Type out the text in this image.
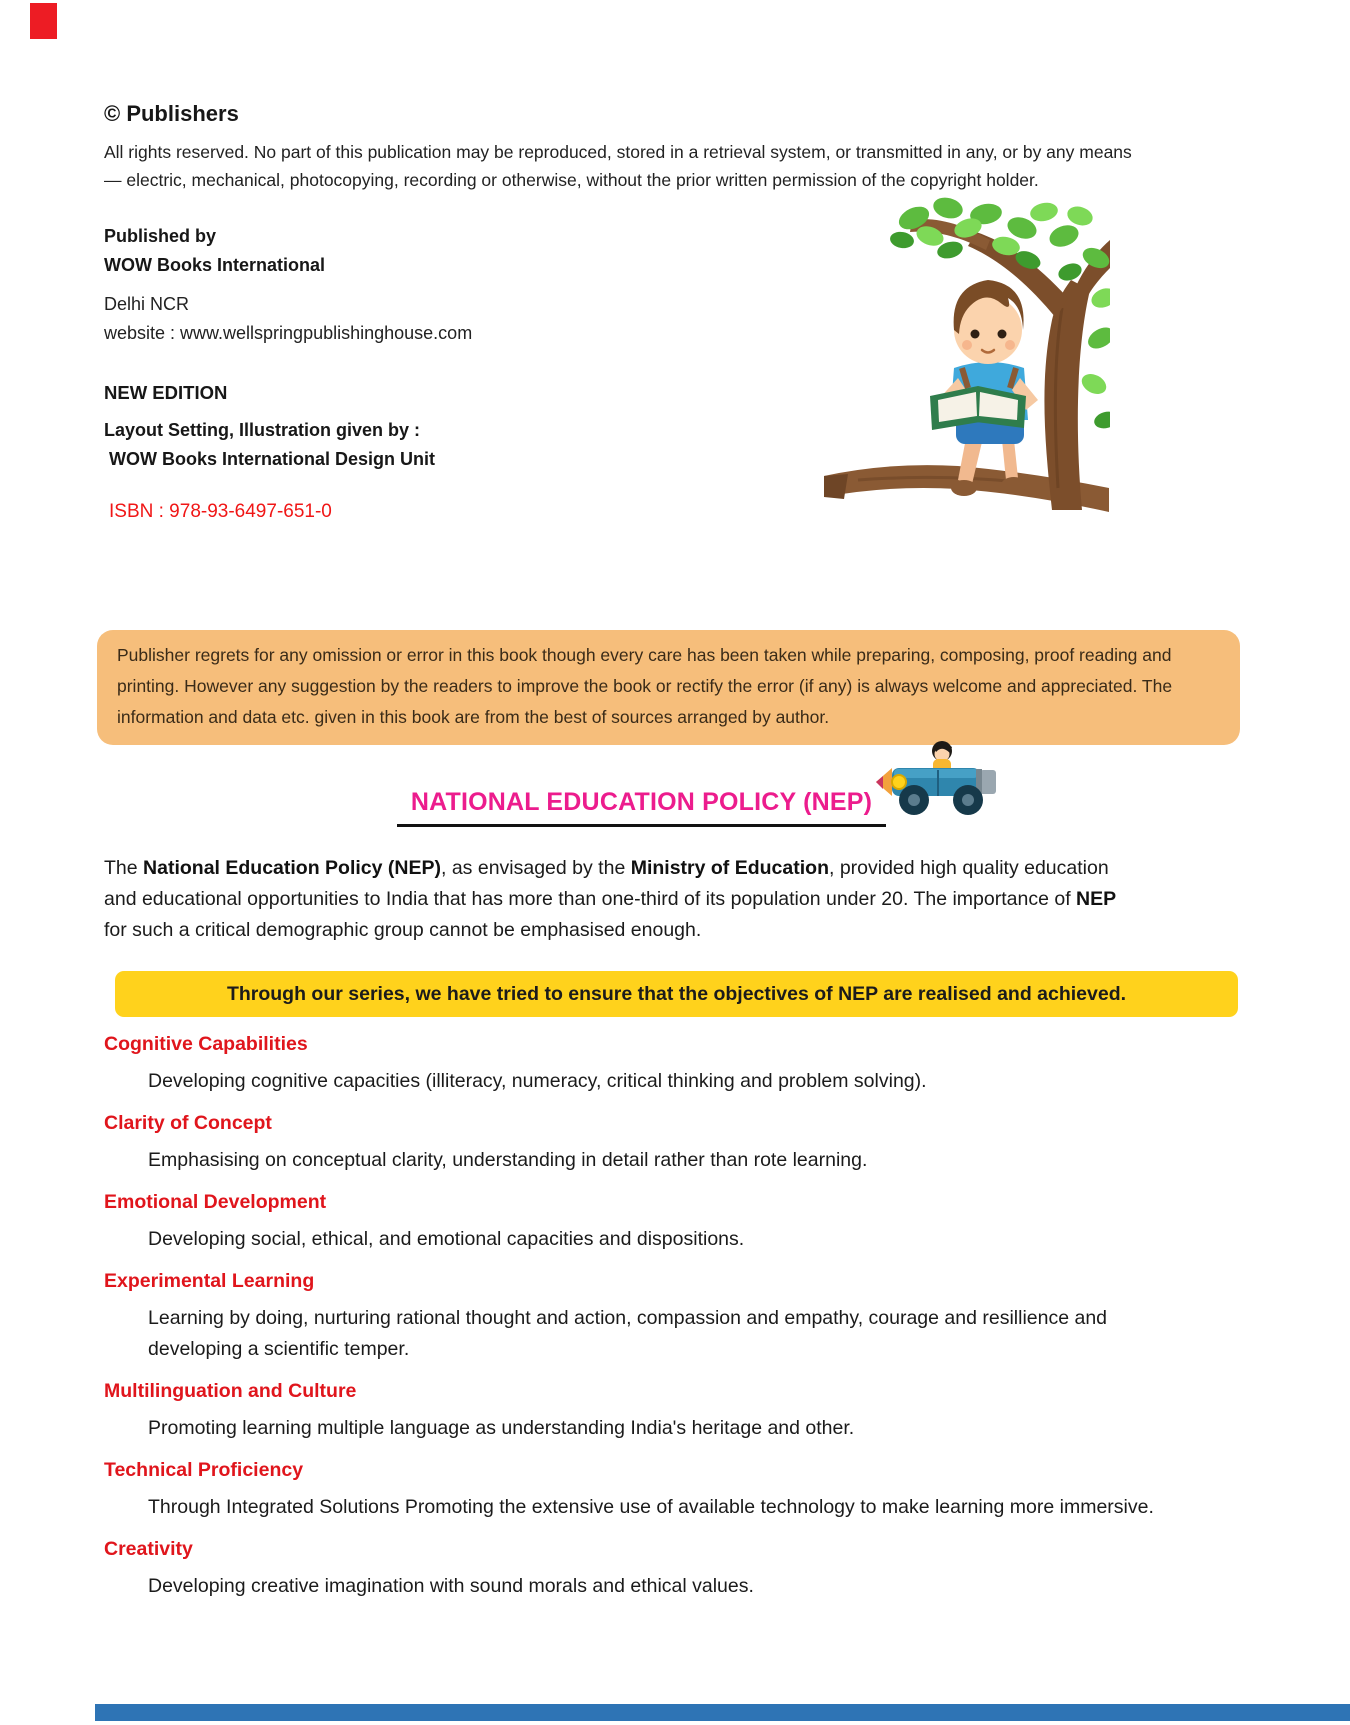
© Publishers

All rights reserved. No part of this publication may be reproduced, stored in a retrieval system, or transmitted in any, or by any means — electric, mechanical, photocopying, recording or otherwise, without the prior written permission of the copyright holder.

Published by
WOW Books International
Delhi NCR
website : www.wellspringpublishinghouse.com
NEW EDITION
Layout Setting, Illustration given by :
WOW Books International Design Unit
ISBN : 978-93-6497-651-0
Publisher regrets for any omission or error in this book though every care has been taken while preparing, composing, proof reading and printing. However any suggestion by the readers to improve the book or rectify the error (if any) is always welcome and appreciated. The information and data etc. given in this book are from the best of sources arranged by author.
NATIONAL EDUCATION POLICY (NEP)

The National Education Policy (NEP), as envisaged by the Ministry of Education, provided high quality education and educational opportunities to India that has more than one-third of its population under 20. The importance of NEP for such a critical demographic group cannot be emphasised enough.

Through our series, we have tried to ensure that the objectives of NEP are realised and achieved.
Cognitive Capabilities

Developing cognitive capacities (illiteracy, numeracy, critical thinking and problem solving).

Clarity of Concept

Emphasising on conceptual clarity, understanding in detail rather than rote learning.

Emotional Development

Developing social, ethical, and emotional capacities and dispositions.

Experimental Learning

Learning by doing, nurturing rational thought and action, compassion and empathy, courage and resillience and developing a scientific temper.

Multilinguation and Culture

Promoting learning multiple language as understanding India's heritage and other.

Technical Proficiency

Through Integrated Solutions Promoting the extensive use of available technology to make learning more immersive.

Creativity

Developing creative imagination with sound morals and ethical values.
